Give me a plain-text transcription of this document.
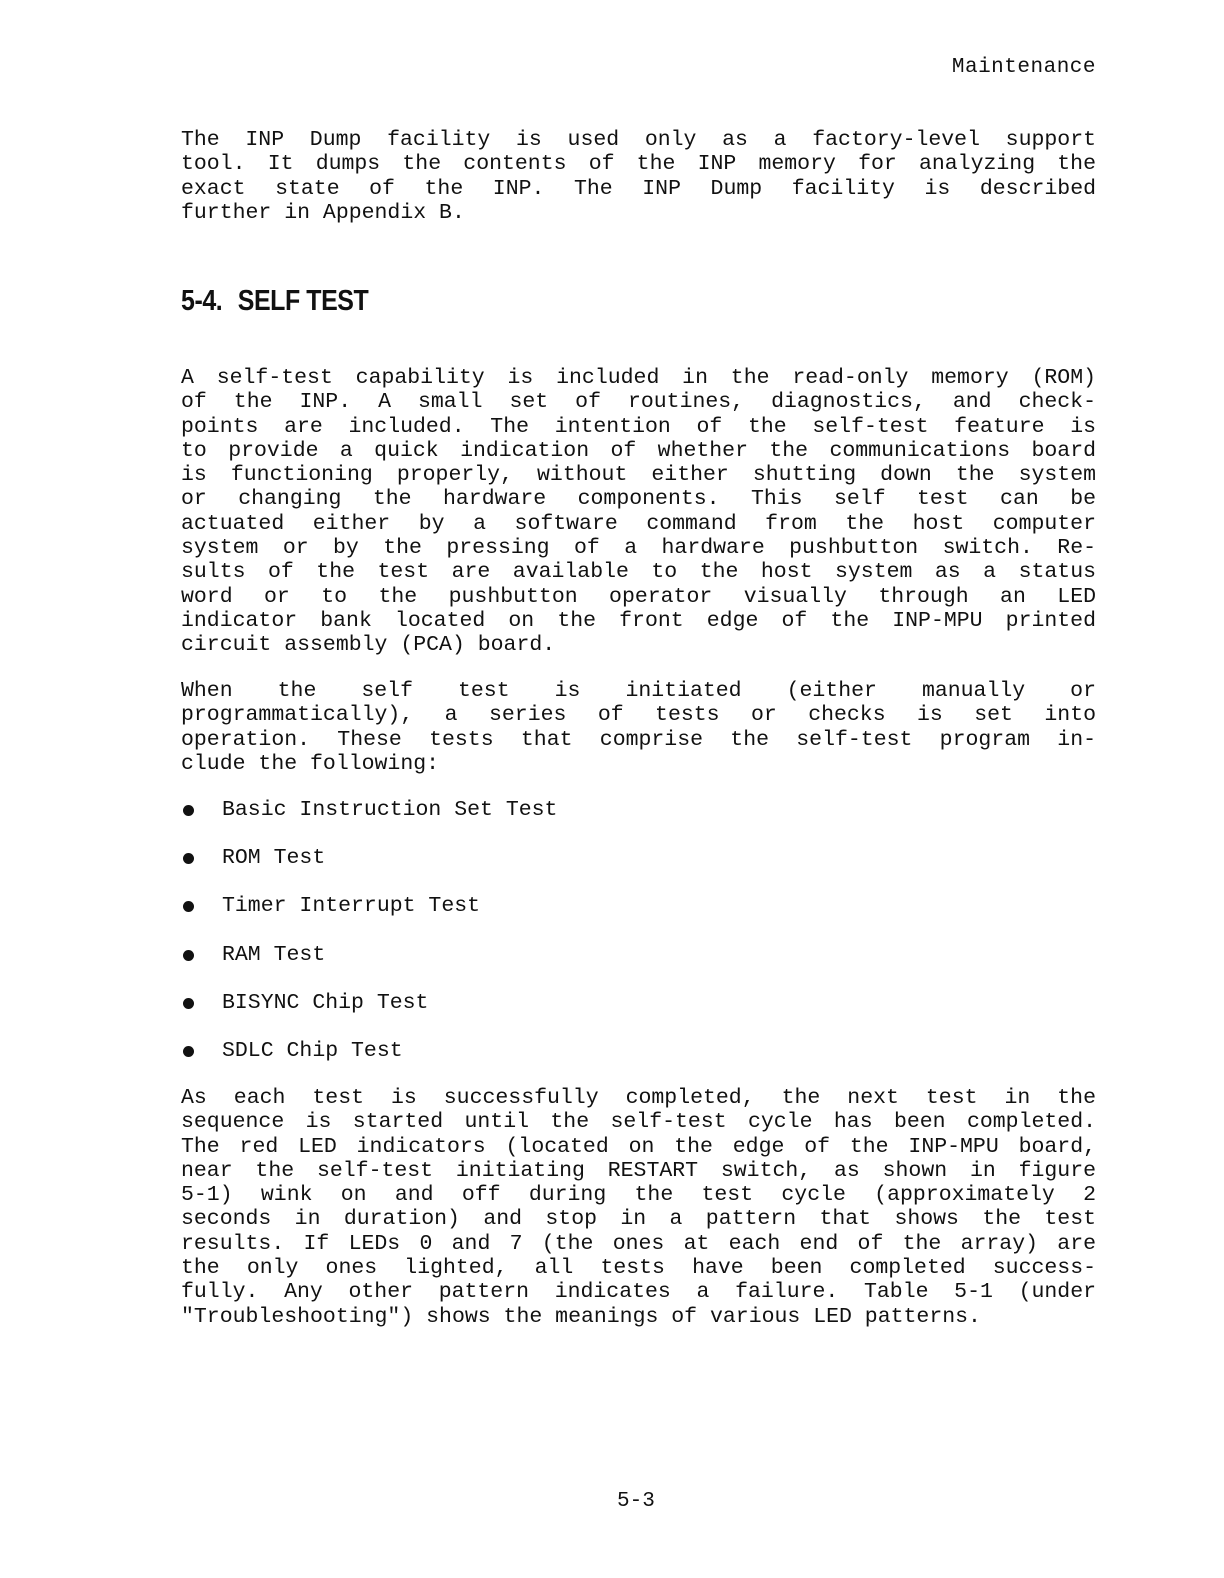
Maintenance
The INP Dump facility is used only as a factory-level support
tool. It dumps the contents of the INP memory for analyzing the
exact state of the INP. The INP Dump facility is described
further in Appendix B.
5-4. SELF TEST
A self-test capability is included in the read-only memory (ROM)
of the INP. A small set of routines, diagnostics, and check-
points are included. The intention of the self-test feature is
to provide a quick indication of whether the communications board
is functioning properly, without either shutting down the system
or changing the hardware components. This self test can be
actuated either by a software command from the host computer
system or by the pressing of a hardware pushbutton switch. Re-
sults of the test are available to the host system as a status
word or to the pushbutton operator visually through an LED
indicator bank located on the front edge of the INP-MPU printed
circuit assembly (PCA) board.
When the self test is initiated (either manually or
programmatically), a series of tests or checks is set into
operation. These tests that comprise the self-test program in-
clude the following:
Basic Instruction Set Test
ROM Test
Timer Interrupt Test
RAM Test
BISYNC Chip Test
SDLC Chip Test
As each test is successfully completed, the next test in the
sequence is started until the self-test cycle has been completed.
The red LED indicators (located on the edge of the INP-MPU board,
near the self-test initiating RESTART switch, as shown in figure
5-1) wink on and off during the test cycle (approximately 2
seconds in duration) and stop in a pattern that shows the test
results. If LEDs 0 and 7 (the ones at each end of the array) are
the only ones lighted, all tests have been completed success-
fully. Any other pattern indicates a failure. Table 5-1 (under
"Troubleshooting") shows the meanings of various LED patterns.
5-3
